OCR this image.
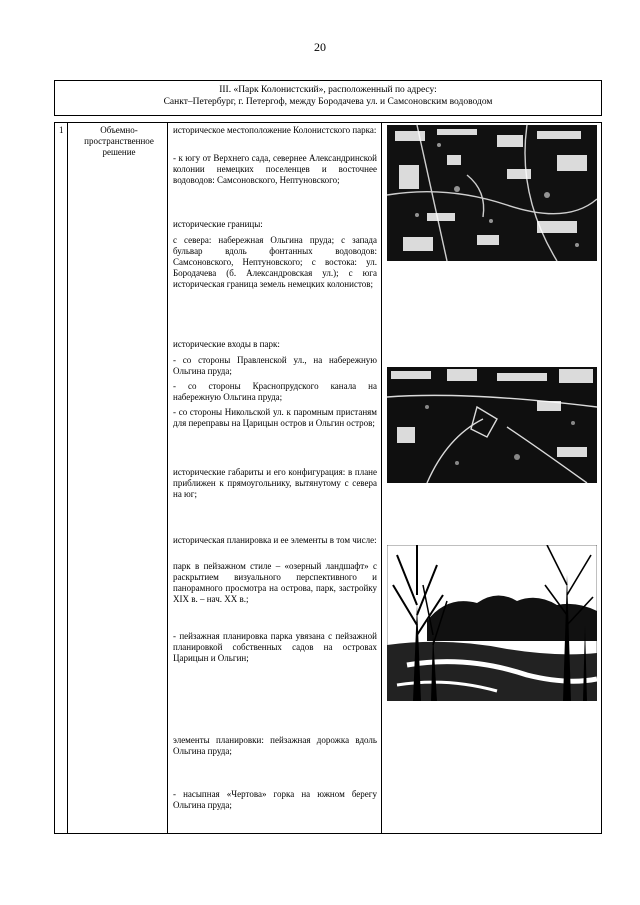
20
III. «Парк Колонистский», расположенный по адресу:
Санкт–Петербург, г. Петергоф, между Бородачева ул. и Самсоновским водоводом
1	Объемно-пространственное решение

историческое местоположение Колонистского парка:

- к югу от Верхнего сада, севернее Александринской колонии немецких поселенцев и восточнее водоводов: Самсоновского, Нептуновского;

исторические границы:

с севера: набережная Ольгина пруда; с запада бульвар вдоль фонтанных водоводов: Самсоновского, Нептуновского; с востока: ул. Бородачева (б. Александровская ул.); с юга историческая граница земель немецких колонистов;

исторические входы в парк:

- со стороны Правленской ул., на набережную Ольгина пруда;

- со стороны Краснопрудского канала на набережную Ольгина пруда;

- со стороны Никольской ул. к паромным пристаням для переправы на Царицын остров и Ольгин остров;

исторические габариты и его конфигурация: в плане приближен к прямоугольнику, вытянутому с севера на юг;

историческая планировка и ее элементы в том числе:

парк в пейзажном стиле – «озерный ландшафт» с раскрытием визуального перспективного и панорамного просмотра на острова, парк, застройку XIX в. – нач. XX в.;

- пейзажная планировка парка увязана с пейзажной планировкой собственных садов на островах Царицын и Ольгин;

элементы планировки: пейзажная дорожка вдоль Ольгина пруда;

- насыпная «Чертова» горка на южном берегу Ольгина пруда;
